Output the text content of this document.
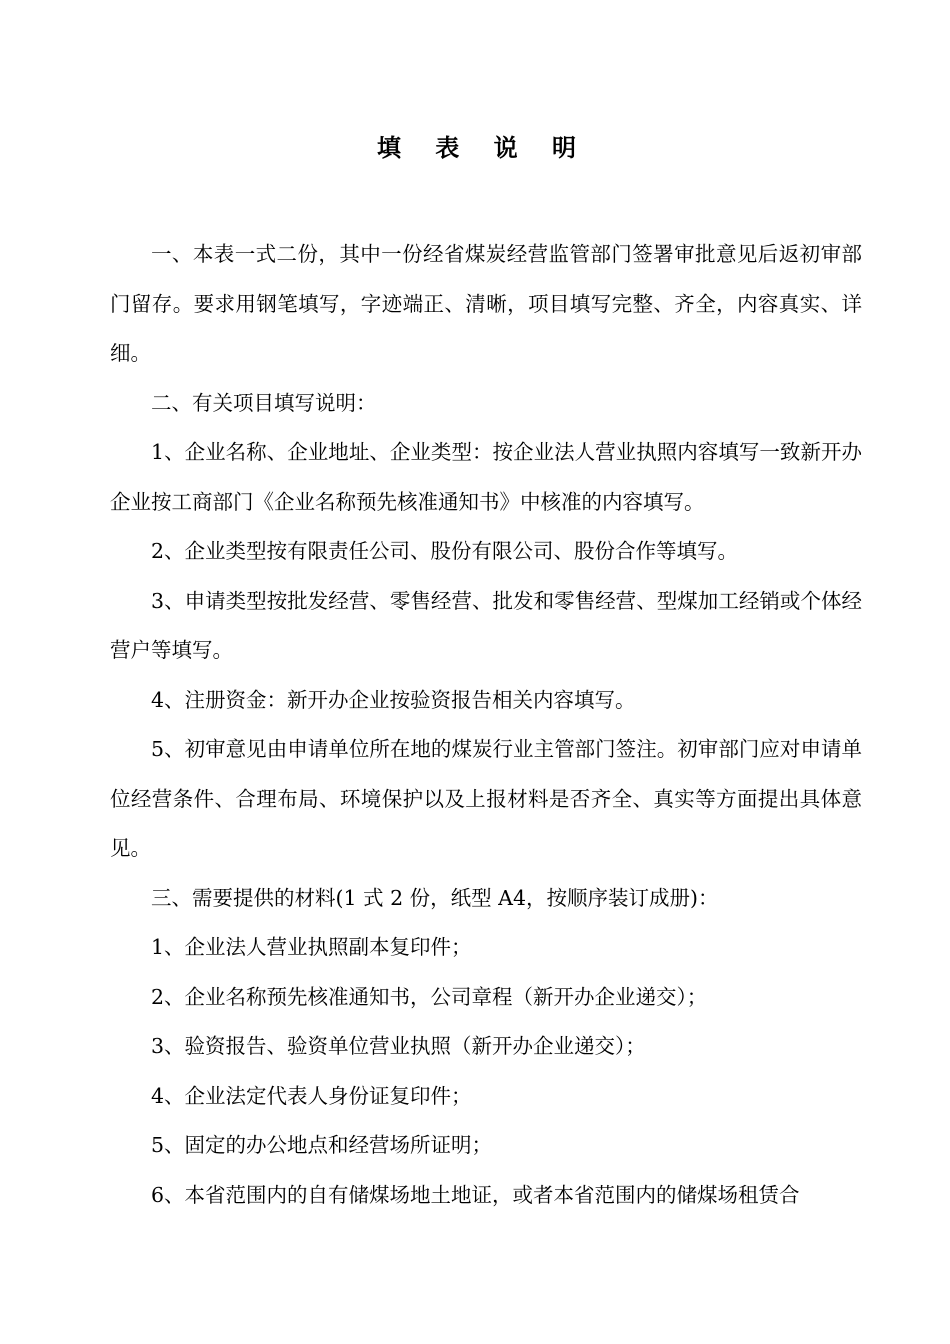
填 表 说 明

一、本表一式二份，其中一份经省煤炭经营监管部门签署审批意见后返初审部门留存。要求用钢笔填写，字迹端正、清晰，项目填写完整、齐全，内容真实、详细。

二、有关项目填写说明：

1、企业名称、企业地址、企业类型：按企业法人营业执照内容填写一致新开办企业按工商部门《企业名称预先核准通知书》中核准的内容填写。

2、企业类型按有限责任公司、股份有限公司、股份合作等填写。

3、申请类型按批发经营、零售经营、批发和零售经营、型煤加工经销或个体经营户等填写。

4、注册资金：新开办企业按验资报告相关内容填写。

5、初审意见由申请单位所在地的煤炭行业主管部门签注。初审部门应对申请单位经营条件、合理布局、环境保护以及上报材料是否齐全、真实等方面提出具体意见。

三、需要提供的材料(1 式 2 份，纸型 A4，按顺序装订成册)：

1、企业法人营业执照副本复印件；

2、企业名称预先核准通知书，公司章程（新开办企业递交）；

3、验资报告、验资单位营业执照（新开办企业递交）；

4、企业法定代表人身份证复印件；

5、固定的办公地点和经营场所证明；

6、本省范围内的自有储煤场地土地证，或者本省范围内的储煤场租赁合
